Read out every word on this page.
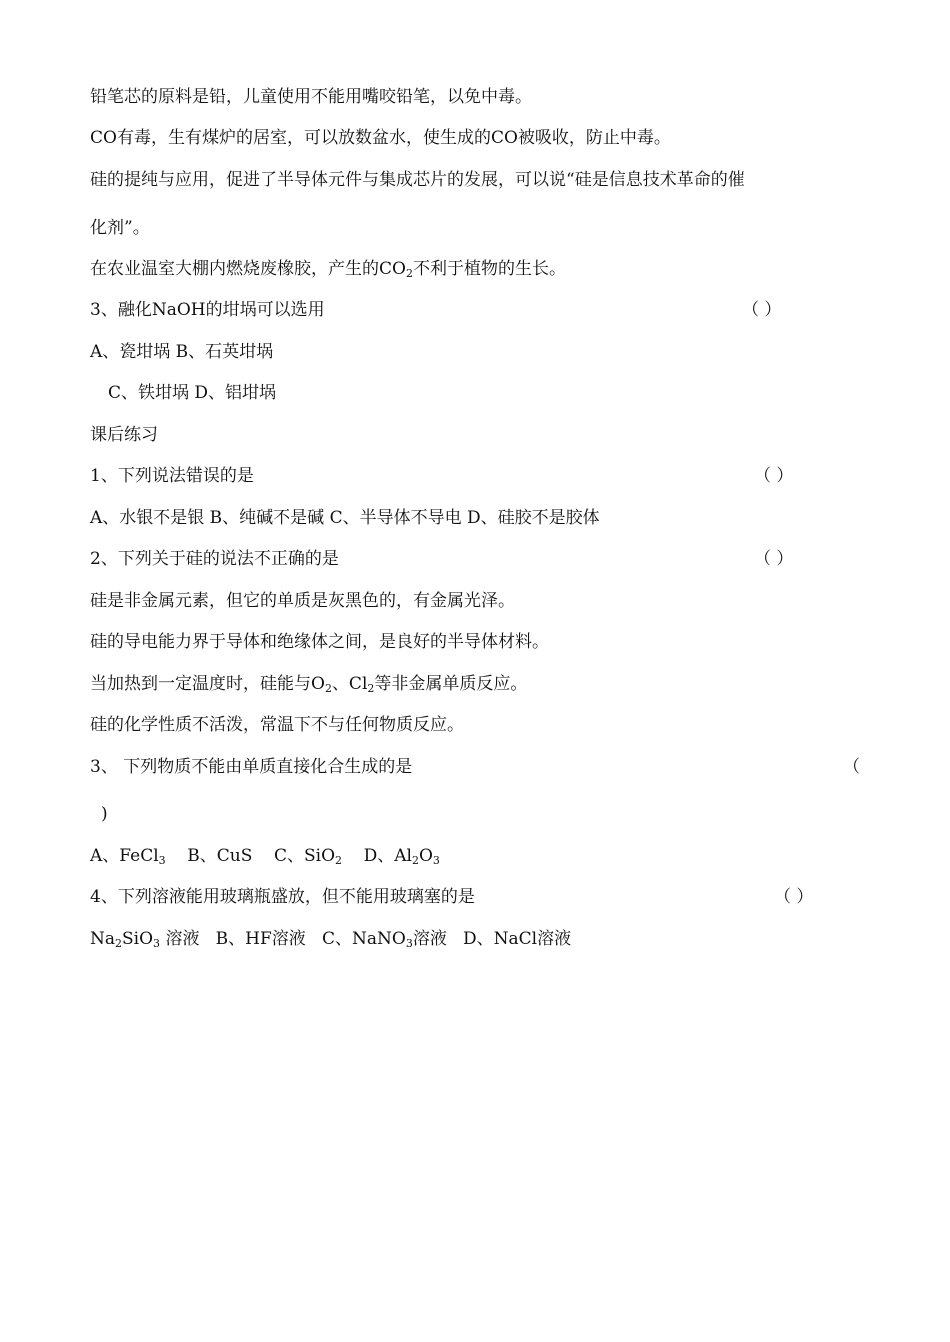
铅笔芯的原料是铅，儿童使用不能用嘴咬铅笔，以免中毒。
CO有毒，生有煤炉的居室，可以放数盆水，使生成的CO被吸收，防止中毒。
硅的提纯与应用，促进了半导体元件与集成芯片的发展，可以说“硅是信息技术革命的催
化剂”。
在农业温室大棚内燃烧废橡胶，产生的$CO_2$不利于植物的生长。
3、融化NaOH的坩埚可以选用	（ ）
A、瓷坩埚 B、石英坩埚
C、铁坩埚 D、铝坩埚
课后练习
1、下列说法错误的是	（ ）
A、水银不是银 B、纯碱不是碱 C、半导体不导电 D、硅胶不是胶体
2、下列关于硅的说法不正确的是	（ ）
硅是非金属元素，但它的单质是灰黑色的，有金属光泽。
硅的导电能力界于导体和绝缘体之间，是良好的半导体材料。
当加热到一定温度时，硅能与$O_2$、$Cl_2$等非金属单质反应。
硅的化学性质不活泼，常温下不与任何物质反应。
3、 下列物质不能由单质直接化合生成的是	（
)
A、FeCl$_3$    B、CuS    C、SiO$_2$    D、$Al_2O_3$
4、下列溶液能用玻璃瓶盛放，但不能用玻璃塞的是	（ ）
$Na_2SiO_3$ 溶液   B、HF溶液   C、NaNO$_3$溶液   D、NaCl溶液
